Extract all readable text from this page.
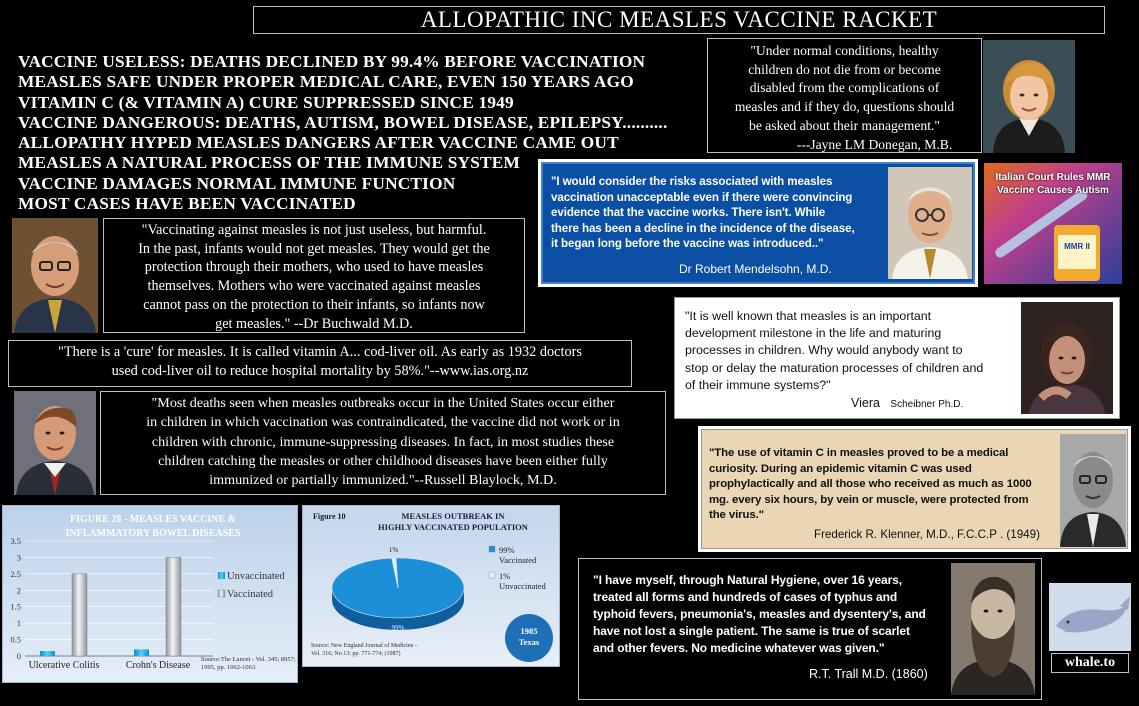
ALLOPATHIC INC MEASLES VACCINE RACKET
VACCINE USELESS: DEATHS DECLINED BY 99.4% BEFORE VACCINATION
MEASLES SAFE UNDER PROPER MEDICAL CARE, EVEN 150 YEARS AGO
VITAMIN C (& VITAMIN A) CURE SUPPRESSED SINCE 1949
VACCINE DANGEROUS: DEATHS, AUTISM, BOWEL DISEASE, EPILEPSY..........
ALLOPATHY HYPED MEASLES DANGERS AFTER VACCINE CAME OUT
MEASLES A NATURAL PROCESS OF THE IMMUNE SYSTEM
VACCINE DAMAGES NORMAL IMMUNE FUNCTION
MOST CASES HAVE BEEN VACCINATED
"Under normal conditions, healthy
children do not die from or become
disabled from the complications of
measles and if they do, questions should
be asked about their management."
---Jayne LM Donegan, M.B.
"I would consider the risks associated with measles
vaccination unacceptable even if there were convincing
evidence that the vaccine works. There isn't. While
there has been a decline in the incidence of the disease,
it began long before the vaccine was introduced.."
Dr Robert Mendelsohn, M.D.
MMR II
Italian Court Rules MMR
Vaccine Causes Autism
"Vaccinating against measles is not just useless, but harmful.
In the past, infants would not get measles. They would get the
protection through their mothers, who used to have measles
themselves. Mothers who were vaccinated against measles
cannot pass on the protection to their infants, so infants now
get measles." --Dr Buchwald M.D.
"There is a 'cure' for measles. It is called vitamin A... cod-liver oil. As early as 1932 doctors
used cod-liver oil to reduce hospital mortality by 58%."--www.ias.org.nz
"It is well known that measles is an important
development milestone in the life and maturing
processes in children. Why would anybody want to
stop or delay the maturation processes of children and
of their immune systems?"
Viera Scheibner Ph.D.
"Most deaths seen when measles outbreaks occur in the United States occur either
in children in which vaccination was contraindicated, the vaccine did not work or in
children with chronic, immune-suppressing diseases. In fact, in most studies these
children catching the measles or other childhood diseases have been either fully
immunized or partially immunized."--Russell Blaylock, M.D.
"The use of vitamin C in measles proved to be a medical
curiosity. During an epidemic vitamin C was used
prophylactically and all those who received as much as 1000
mg. every six hours, by vein or muscle, were protected from
the virus."
Frederick R. Klenner, M.D., F.C.C.P . (1949)
0
0.5
1
1.5
2
2.5
3
3.5
Ulcerative Colitis	Crohn's Disease
FIGURE 28 - MEASLES VACCINE &
INFLAMMATORY BOWEL DISEASES
Unvaccinated
Vaccinated
Source:The Lancet - Vol. 345; 8957; 1995, pp. 1062-1063.
99%
1%	99%
Vaccinated
1%
Unvaccinated
Figure 10	MEASLES OUTBREAK IN
HIGHLY VACCINATED POPULATION
1985
Texas
Source: New England Journal of Medicine -
Vol. 316; No.13; pp. 771-774; (1987)
"I have myself, through Natural Hygiene, over 16 years,
treated all forms and hundreds of cases of typhus and
typhoid fevers, pneumonia's, measles and dysentery's, and
have not lost a single patient. The same is true of scarlet
and other fevers. No medicine whatever was given."
R.T. Trall M.D. (1860)
whale.to
